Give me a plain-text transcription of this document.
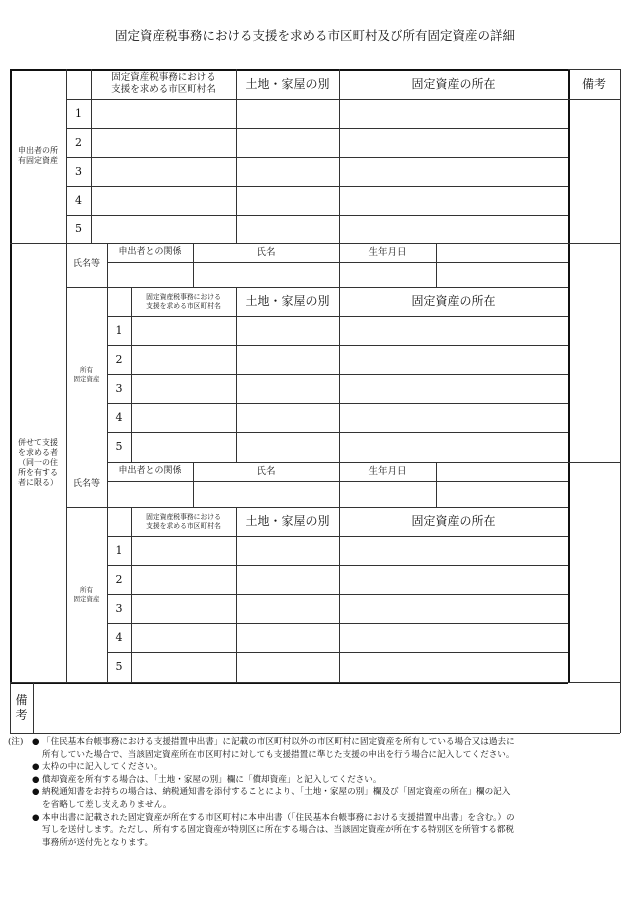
固定資産税事務における支援を求める市区町村及び所有固定資産の詳細
申出者の所
有固定資産
固定資産税事務における
支援を求める市区町村名	土地・家屋の別	固定資産の所在	備考
1
2
3
4
5
併せて支援
を求める者
（同一の住
所を有する
者に限る）
氏名等
申出者との関係	氏名	生年月日
所有
固定資産
固定資産税事務における
支援を求める市区町村名	土地・家屋の別	固定資産の所在
1
2
3
4
5
氏名等
申出者との関係	氏名	生年月日
所有
固定資産
固定資産税事務における
支援を求める市区町村名	土地・家屋の別	固定資産の所在
1
2
3
4
5
備
考
(注)	● 「住民基本台帳事務における支援措置申出書」に記載の市区町村以外の市区町村に固定資産を所有している場合又は過去に
所有していた場合で、当該固定資産所在市区町村に対しても支援措置に準じた支援の申出を行う場合に記入してください。
● 太枠の中に記入してください。
● 償却資産を所有する場合は、「土地・家屋の別」欄に「償却資産」と記入してください。
● 納税通知書をお持ちの場合は、納税通知書を添付することにより、「土地・家屋の別」欄及び「固定資産の所在」欄の記入
を省略して差し支えありません。
● 本申出書に記載された固定資産が所在する市区町村に本申出書（「住民基本台帳事務における支援措置申出書」を含む。）の
写しを送付します。ただし、所有する固定資産が特別区に所在する場合は、当該固定資産が所在する特別区を所管する都税
事務所が送付先となります。
